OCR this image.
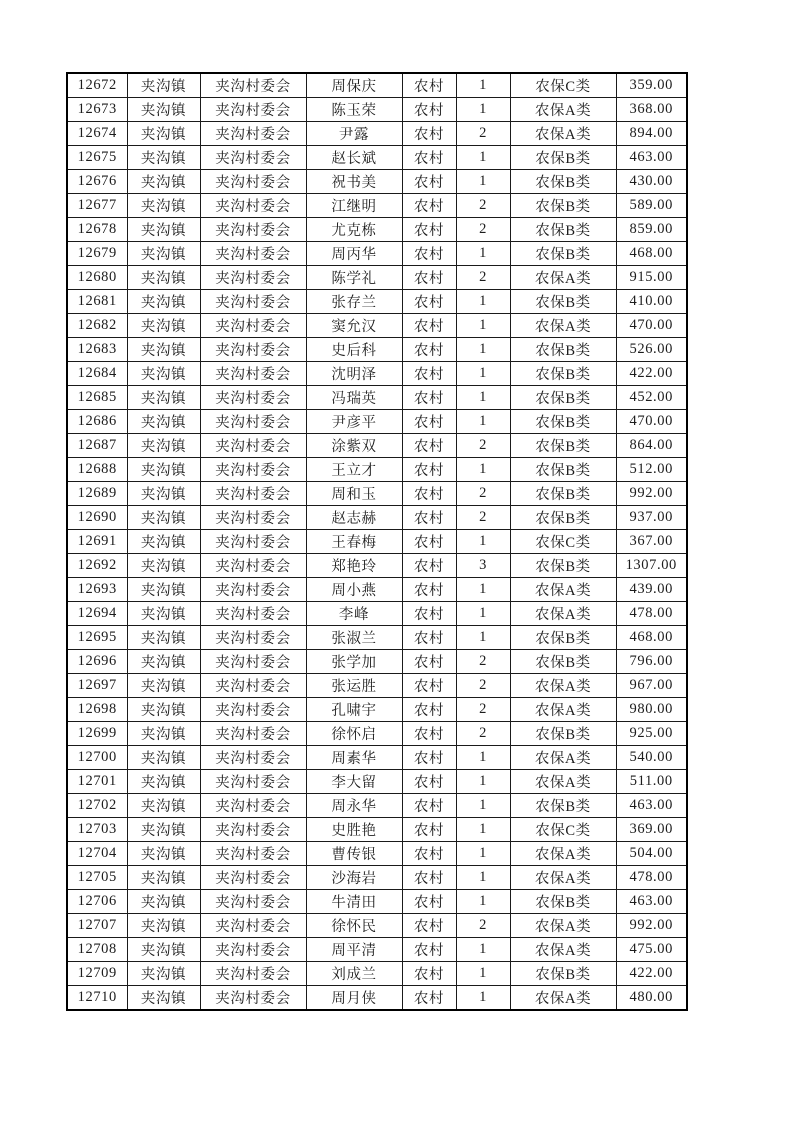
12672	夹沟镇	夹沟村委会	周保庆	农村	1	农保C类	359.00
12673	夹沟镇	夹沟村委会	陈玉荣	农村	1	农保A类	368.00
12674	夹沟镇	夹沟村委会	尹露	农村	2	农保A类	894.00
12675	夹沟镇	夹沟村委会	赵长斌	农村	1	农保B类	463.00
12676	夹沟镇	夹沟村委会	祝书美	农村	1	农保B类	430.00
12677	夹沟镇	夹沟村委会	江继明	农村	2	农保B类	589.00
12678	夹沟镇	夹沟村委会	尤克栋	农村	2	农保B类	859.00
12679	夹沟镇	夹沟村委会	周丙华	农村	1	农保B类	468.00
12680	夹沟镇	夹沟村委会	陈学礼	农村	2	农保A类	915.00
12681	夹沟镇	夹沟村委会	张存兰	农村	1	农保B类	410.00
12682	夹沟镇	夹沟村委会	窦允汉	农村	1	农保A类	470.00
12683	夹沟镇	夹沟村委会	史后科	农村	1	农保B类	526.00
12684	夹沟镇	夹沟村委会	沈明泽	农村	1	农保B类	422.00
12685	夹沟镇	夹沟村委会	冯瑞英	农村	1	农保B类	452.00
12686	夹沟镇	夹沟村委会	尹彦平	农村	1	农保B类	470.00
12687	夹沟镇	夹沟村委会	涂紫双	农村	2	农保B类	864.00
12688	夹沟镇	夹沟村委会	王立才	农村	1	农保B类	512.00
12689	夹沟镇	夹沟村委会	周和玉	农村	2	农保B类	992.00
12690	夹沟镇	夹沟村委会	赵志赫	农村	2	农保B类	937.00
12691	夹沟镇	夹沟村委会	王春梅	农村	1	农保C类	367.00
12692	夹沟镇	夹沟村委会	郑艳玲	农村	3	农保B类	1307.00
12693	夹沟镇	夹沟村委会	周小燕	农村	1	农保A类	439.00
12694	夹沟镇	夹沟村委会	李峰	农村	1	农保A类	478.00
12695	夹沟镇	夹沟村委会	张淑兰	农村	1	农保B类	468.00
12696	夹沟镇	夹沟村委会	张学加	农村	2	农保B类	796.00
12697	夹沟镇	夹沟村委会	张运胜	农村	2	农保A类	967.00
12698	夹沟镇	夹沟村委会	孔啸宇	农村	2	农保A类	980.00
12699	夹沟镇	夹沟村委会	徐怀启	农村	2	农保B类	925.00
12700	夹沟镇	夹沟村委会	周素华	农村	1	农保A类	540.00
12701	夹沟镇	夹沟村委会	李大留	农村	1	农保A类	511.00
12702	夹沟镇	夹沟村委会	周永华	农村	1	农保B类	463.00
12703	夹沟镇	夹沟村委会	史胜艳	农村	1	农保C类	369.00
12704	夹沟镇	夹沟村委会	曹传银	农村	1	农保A类	504.00
12705	夹沟镇	夹沟村委会	沙海岩	农村	1	农保A类	478.00
12706	夹沟镇	夹沟村委会	牛清田	农村	1	农保B类	463.00
12707	夹沟镇	夹沟村委会	徐怀民	农村	2	农保A类	992.00
12708	夹沟镇	夹沟村委会	周平清	农村	1	农保A类	475.00
12709	夹沟镇	夹沟村委会	刘成兰	农村	1	农保B类	422.00
12710	夹沟镇	夹沟村委会	周月侠	农村	1	农保A类	480.00
